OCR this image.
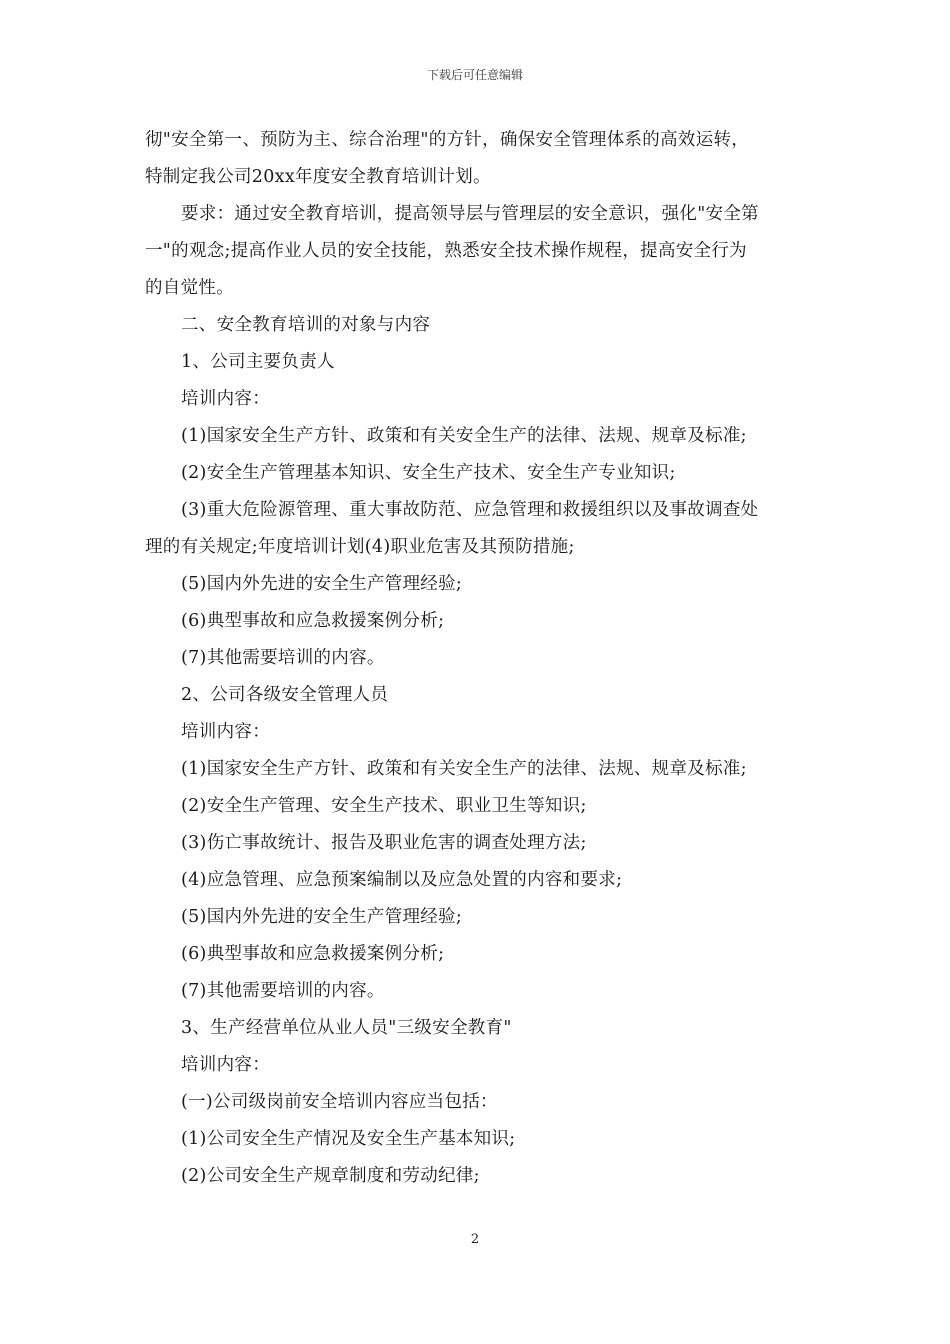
下载后可任意编辑

彻"安全第一、预防为主、综合治理"的方针，确保安全管理体系的高效运转，

特制定我公司20xx年度安全教育培训计划。

要求：通过安全教育培训，提高领导层与管理层的安全意识，强化"安全第

一"的观念;提高作业人员的安全技能，熟悉安全技术操作规程，提高安全行为

的自觉性。

二、安全教育培训的对象与内容

1、公司主要负责人

培训内容：

(1)国家安全生产方针、政策和有关安全生产的法律、法规、规章及标准;

(2)安全生产管理基本知识、安全生产技术、安全生产专业知识;

(3)重大危险源管理、重大事故防范、应急管理和救援组织以及事故调查处

理的有关规定;年度培训计划(4)职业危害及其预防措施;

(5)国内外先进的安全生产管理经验;

(6)典型事故和应急救援案例分析;

(7)其他需要培训的内容。

2、公司各级安全管理人员

培训内容：

(1)国家安全生产方针、政策和有关安全生产的法律、法规、规章及标准;

(2)安全生产管理、安全生产技术、职业卫生等知识;

(3)伤亡事故统计、报告及职业危害的调查处理方法;

(4)应急管理、应急预案编制以及应急处置的内容和要求;

(5)国内外先进的安全生产管理经验;

(6)典型事故和应急救援案例分析;

(7)其他需要培训的内容。

3、生产经营单位从业人员"三级安全教育"

培训内容：

(一)公司级岗前安全培训内容应当包括：

(1)公司安全生产情况及安全生产基本知识;

(2)公司安全生产规章制度和劳动纪律;

2
